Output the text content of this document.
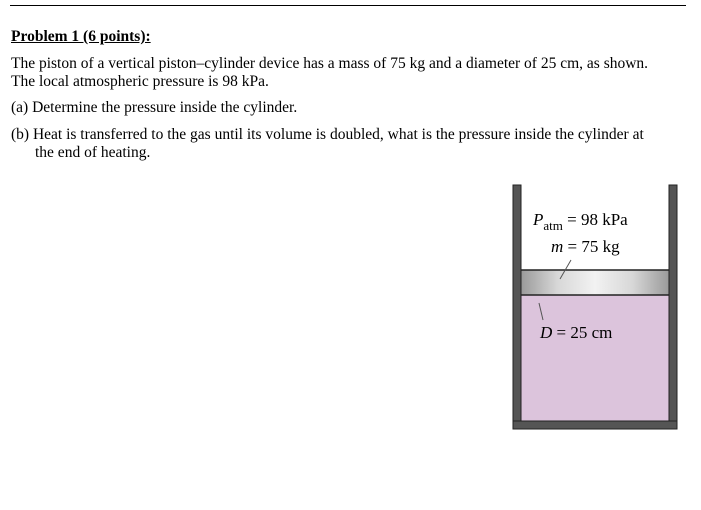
Problem 1 (6 points):
The piston of a vertical piston–cylinder device has a mass of 75 kg and a diameter of 25 cm, as shown.
The local atmospheric pressure is 98 kPa.
(a) Determine the pressure inside the cylinder.
(b) Heat is transferred to the gas until its volume is doubled, what is the pressure inside the cylinder at
the end of heating.
$P_{atm} = 98$ kPa
m = 75 kg
D = 25 cm
